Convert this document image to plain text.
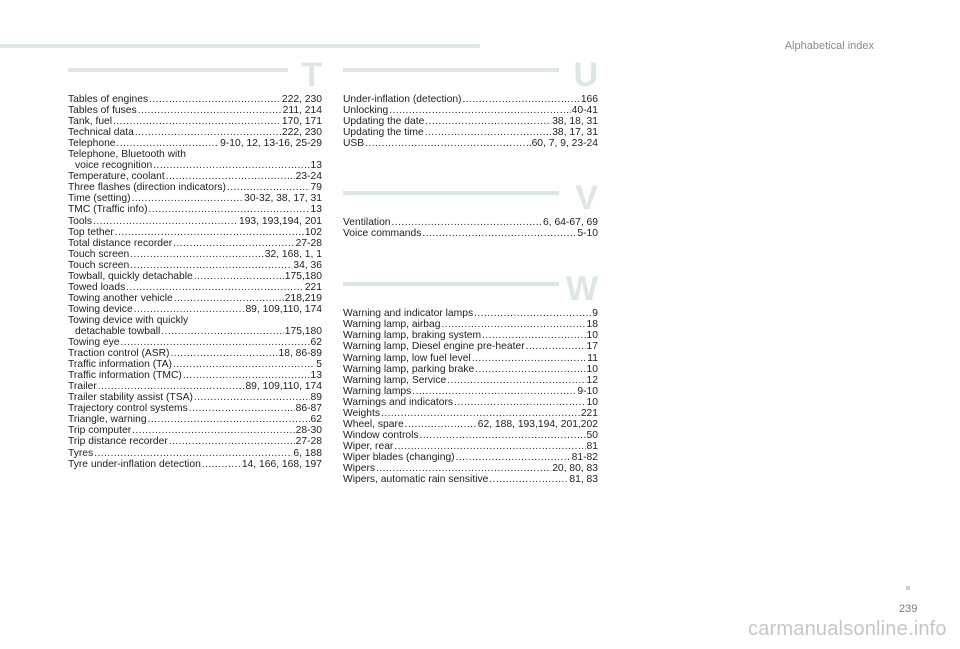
Alphabetical index
T
Tables of engines .....	222, 230
Tables of fuses .....	211, 214
Tank, fuel .....	170, 171
Technical data .....	222, 230
Telephone .....	9-10, 12, 13-16, 25-29
Telephone, Bluetooth with
voice recognition .....	13
Temperature, coolant .....	23-24
Three flashes (direction indicators) .....	79
Time (setting) .....	30-32, 38, 17, 31
TMC (Traffic info) .....	13
Tools .....	193, 193,194, 201
Top tether .....	102
Total distance recorder .....	27-28
Touch screen .....	32, 168, 1, 1
Touch screen .....	34, 36
Towball, quickly detachable .....	175,180
Towed loads .....	221
Towing another vehicle .....	218,219
Towing device .....	89, 109,110, 174
Towing device with quickly
detachable towball .....	175,180
Towing eye .....	62
Traction control (ASR) .....	18, 86-89
Traffic information (TA) .....	5
Traffic information (TMC) .....	13
Trailer .....	89, 109,110, 174
Trailer stability assist (TSA) .....	89
Trajectory control systems .....	86-87
Triangle, warning .....	62
Trip computer .....	28-30
Trip distance recorder .....	27-28
Tyres .....	6, 188
Tyre under-inflation detection .....	14, 166, 168, 197
U
Under-inflation (detection) .....	166
Unlocking .....	40-41
Updating the date .....	38, 18, 31
Updating the time .....	38, 17, 31
USB .....	60, 7, 9, 23-24
V
Ventilation .....	6, 64-67, 69
Voice commands .....	5-10
W
Warning and indicator lamps .....	9
Warning lamp, airbag .....	18
Warning lamp, braking system .....	10
Warning lamp, Diesel engine pre-heater .....	17
Warning lamp, low fuel level .....	11
Warning lamp, parking brake .....	10
Warning lamp, Service .....	12
Warning lamps .....	9-10
Warnings and indicators .....	10
Weights .....	221
Wheel, spare .....	62, 188, 193,194, 201,202
Window controls .....	50
Wiper, rear .....	81
Wiper blades (changing) .....	81-82
Wipers .....	20, 80, 83
Wipers, automatic rain sensitive .....	81, 83
239
carmanualsonline.info
